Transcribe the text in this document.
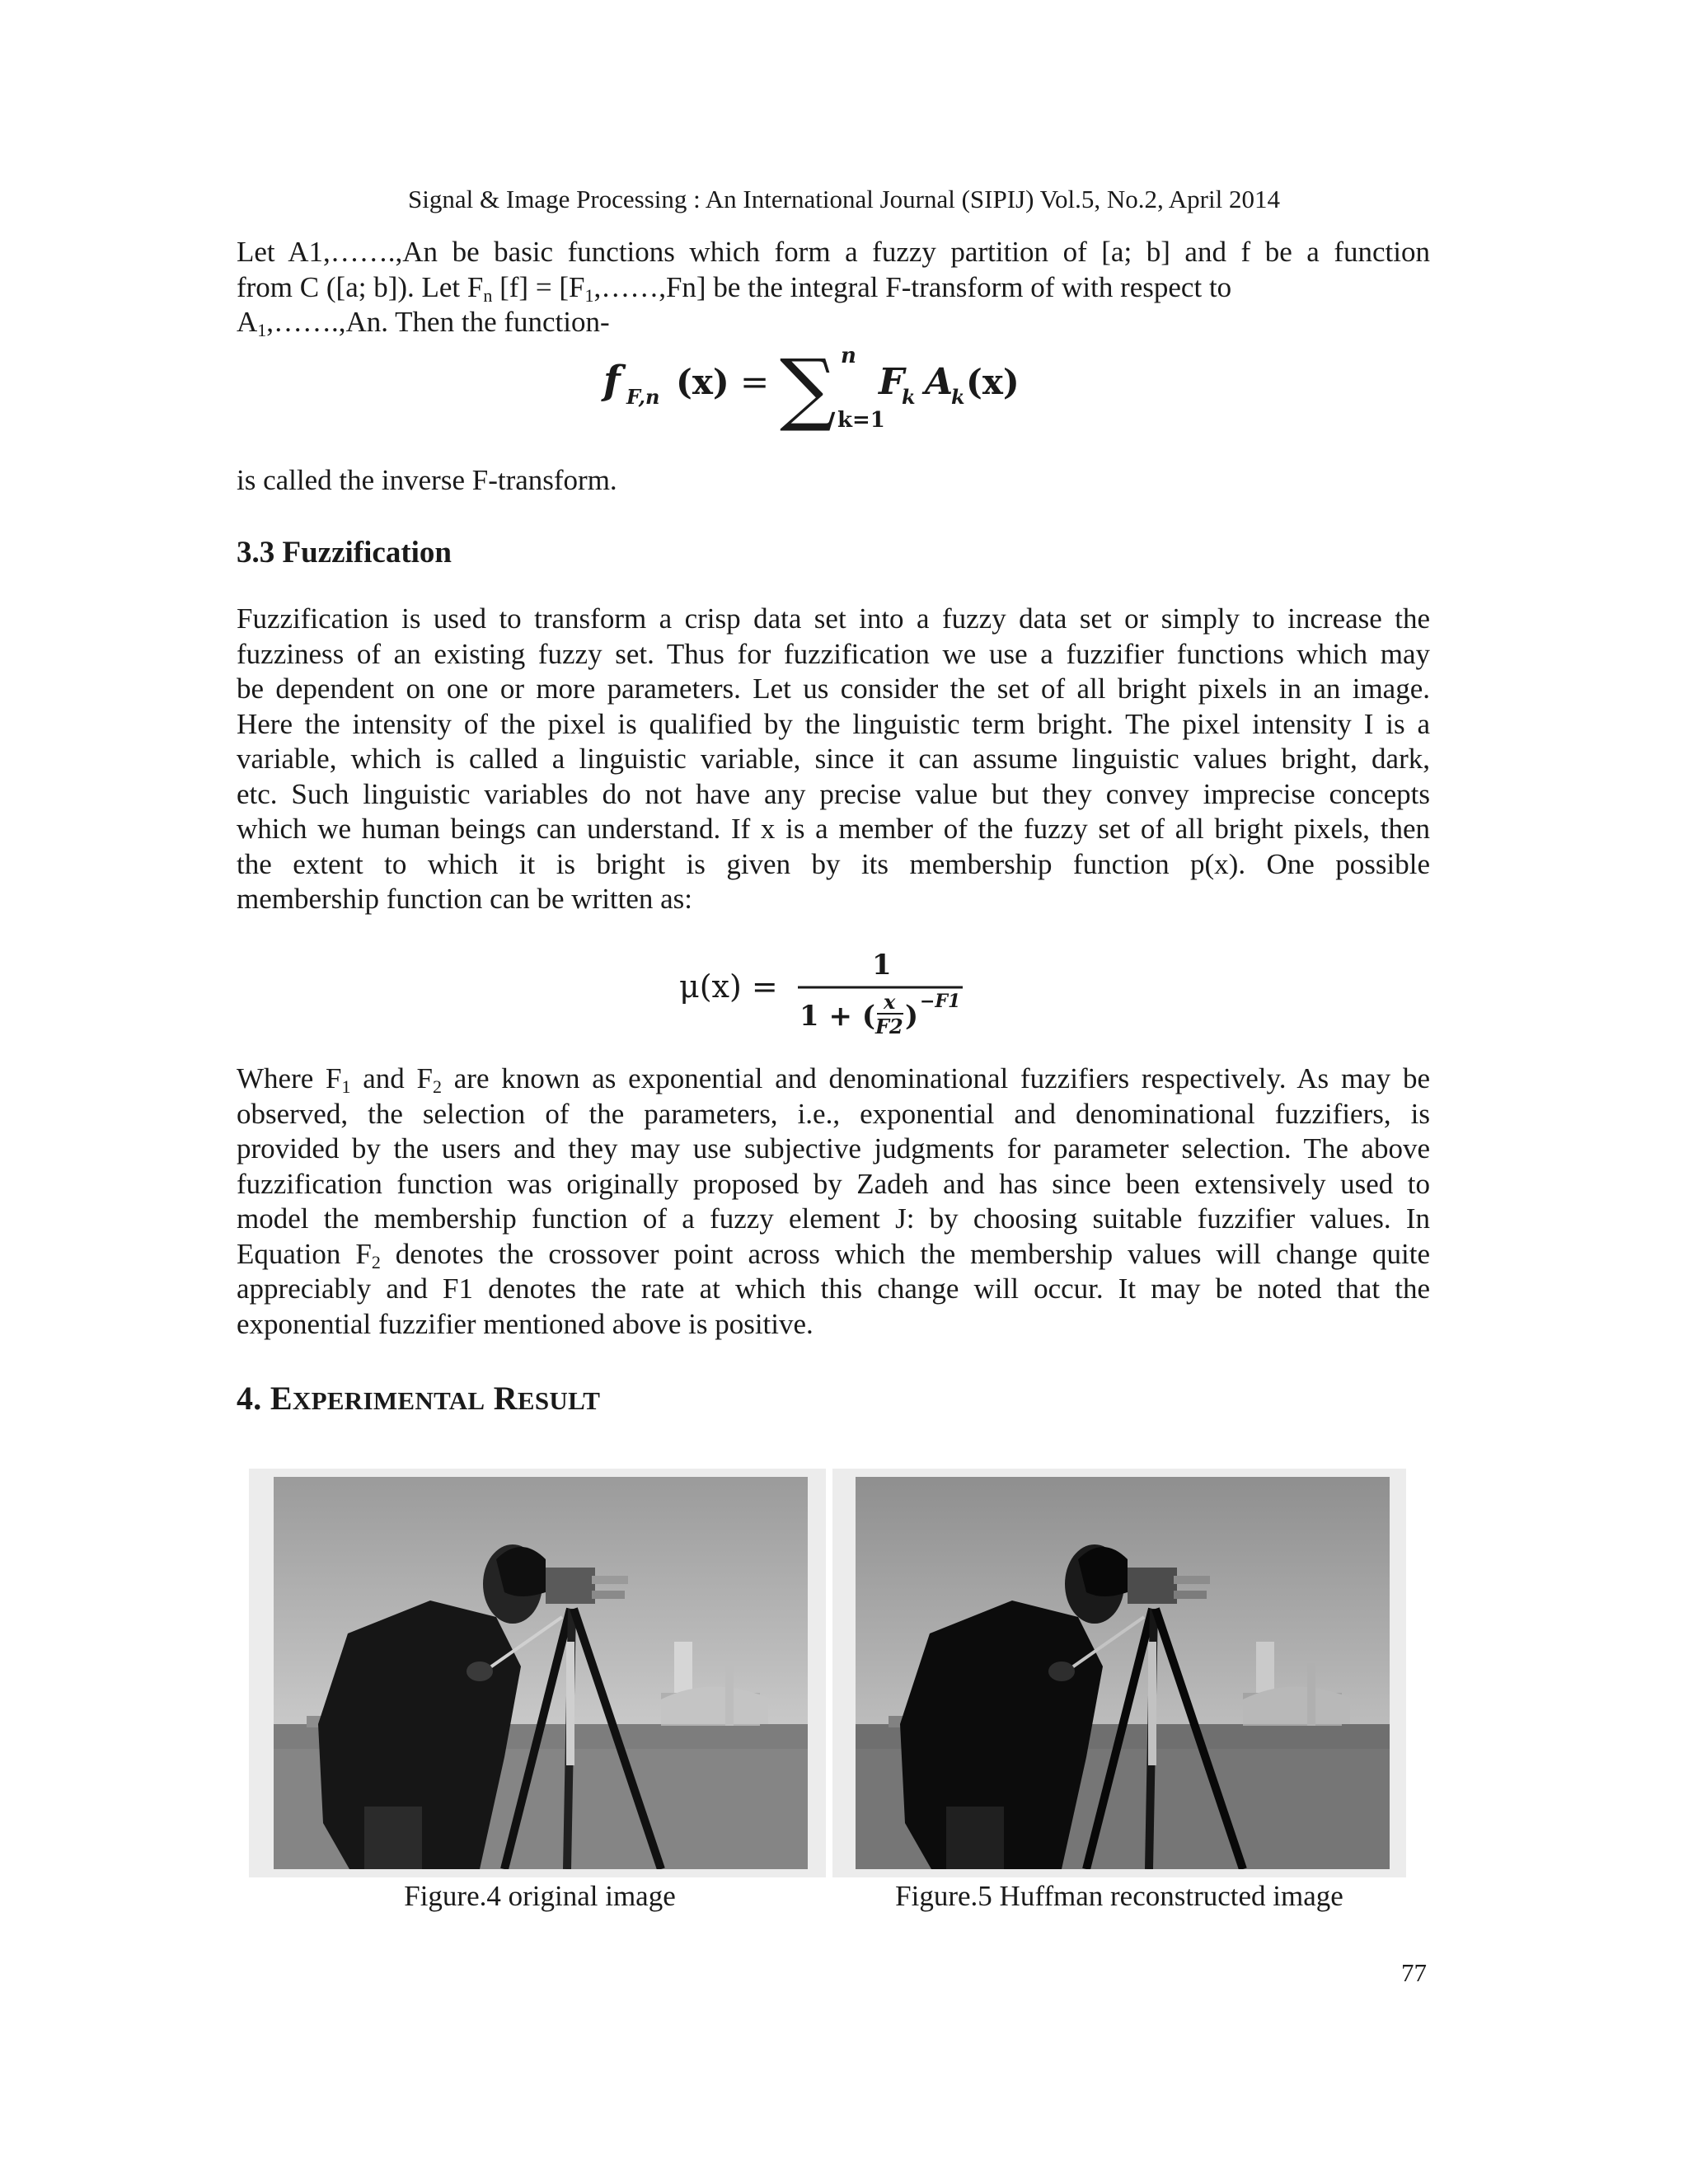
Signal & Image Processing : An International Journal (SIPIJ) Vol.5, No.2, April 2014
Let A1,…….,An be basic functions which form a fuzzy partition of [a; b] and f be a function
from C ([a; b]). Let $F_n$ $[f] = [F_1,\dots\dots,Fn]$ be the integral F-transform of with respect to
$A_1,\dots\dots.,An$. Then the function-
f F,n (x) = ∑ n
k=1
F
k A
k (x)
is called the inverse F-transform.
3.3 Fuzzification
Fuzzification is used to transform a crisp data set into a fuzzy data set or simply to increase the
fuzziness of an existing fuzzy set. Thus for fuzzification we use a fuzzifier functions which may
be dependent on one or more parameters. Let us consider the set of all bright pixels in an image.
Here the intensity of the pixel is qualified by the linguistic term bright. The pixel intensity I is a
variable, which is called a linguistic variable, since it can assume linguistic values bright, dark,
etc. Such linguistic variables do not have any precise value but they convey imprecise concepts
which we human beings can understand. If x is a member of the fuzzy set of all bright pixels, then
the extent to which it is bright is given by its membership function p(x). One possible
membership function can be written as:
μ(x) =
1
1 + ( x
F2 ) −F1
Where $F_1$ and $F_2$ are known as exponential and denominational fuzzifiers respectively. As may be
observed, the selection of the parameters, i.e., exponential and denominational fuzzifiers, is
provided by the users and they may use subjective judgments for parameter selection. The above
fuzzification function was originally proposed by Zadeh and has since been extensively used to
model the membership function of a fuzzy element J: by choosing suitable fuzzifier values. In
Equation $F_2$ denotes the crossover point across which the membership values will change quite
appreciably and F1 denotes the rate at which this change will occur. It may be noted that the
exponential fuzzifier mentioned above is positive.
4. EXPERIMENTAL RESULT
Figure.4 original image	Figure.5 Huffman reconstructed image
77
